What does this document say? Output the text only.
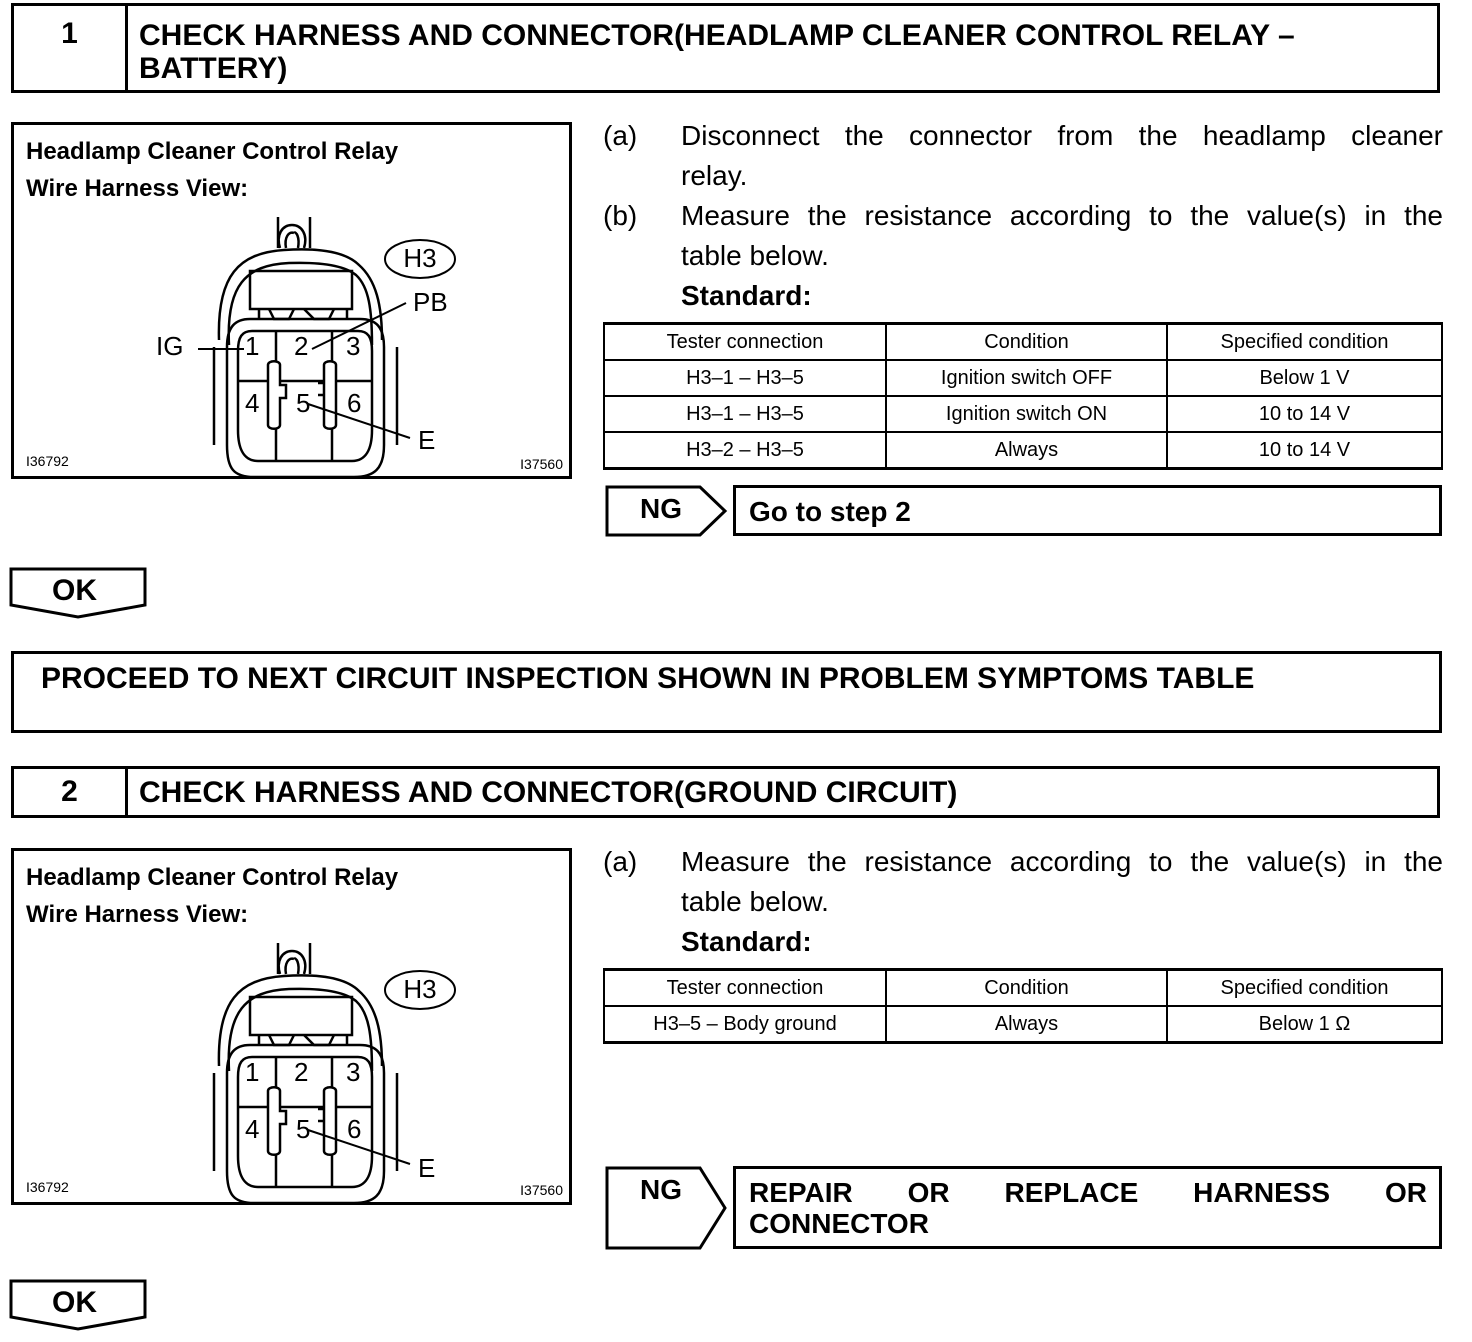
1	CHECK HARNESS AND CONNECTOR(HEADLAMP CLEANER CONTROL RELAY – BATTERY)
Headlamp Cleaner Control Relay
Wire Harness View:
H3
1 2 3
4 5 6
IG
PB
E
I36792	I37560
(a) Disconnect the connector from the headlamp cleaner
relay.
(b) Measure the resistance according to the value(s) in the
table below.
Standard:
Tester connection	Condition	Specified condition
H3–1 – H3–5	Ignition switch OFF	Below 1 V
H3–1 – H3–5	Ignition switch ON	10 to 14 V
H3–2 – H3–5	Always	10 to 14 V
NG Go to step 2
OK
PROCEED TO NEXT CIRCUIT INSPECTION SHOWN IN PROBLEM SYMPTOMS TABLE
2	CHECK HARNESS AND CONNECTOR(GROUND CIRCUIT)
Headlamp Cleaner Control Relay
Wire Harness View:
H3
1 2 3
4 5 6
E
I36792	I37560
(a) Measure the resistance according to the value(s) in the
table below.
Standard:
Tester connection	Condition	Specified condition
H3–5 – Body ground	Always	Below 1 Ω
NG REPAIR OR REPLACE HARNESS OR
CONNECTOR
OK
